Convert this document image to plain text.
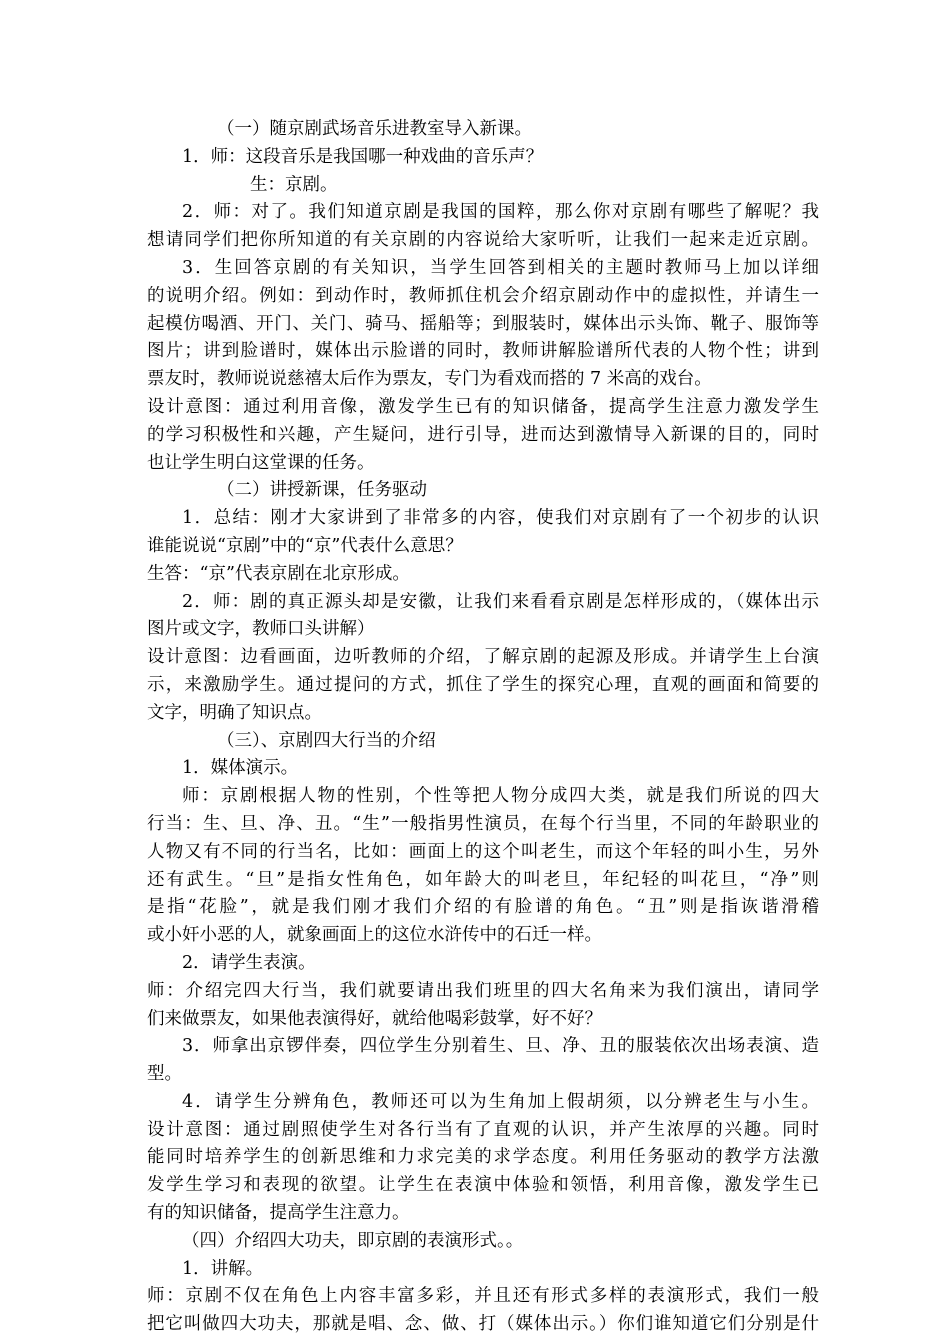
（一）随京剧武场音乐进教室导入新课。
1．师：这段音乐是我国哪一种戏曲的音乐声？
生：京剧。
2．师：对了。我们知道京剧是我国的国粹，那么你对京剧有哪些了解呢？我
想请同学们把你所知道的有关京剧的内容说给大家听听，让我们一起来走近京剧。
3．生回答京剧的有关知识，当学生回答到相关的主题时教师马上加以详细
的说明介绍。例如：到动作时，教师抓住机会介绍京剧动作中的虚拟性，并请生一
起模仿喝酒、开门、关门、骑马、摇船等；到服装时，媒体出示头饰、靴子、服饰等
图片；讲到脸谱时，媒体出示脸谱的同时，教师讲解脸谱所代表的人物个性；讲到
票友时，教师说说慈禧太后作为票友，专门为看戏而搭的 7 米高的戏台。
设计意图：通过利用音像，激发学生已有的知识储备，提高学生注意力激发学生
的学习积极性和兴趣，产生疑问，进行引导，进而达到激情导入新课的目的，同时
也让学生明白这堂课的任务。
（二）讲授新课，任务驱动
1．总结：刚才大家讲到了非常多的内容，使我们对京剧有了一个初步的认识
谁能说说“京剧”中的“京”代表什么意思？
生答：“京”代表京剧在北京形成。
2．师：剧的真正源头却是安徽，让我们来看看京剧是怎样形成的，（媒体出示
图片或文字，教师口头讲解）
设计意图：边看画面，边听教师的介绍，了解京剧的起源及形成。并请学生上台演
示，来激励学生。通过提问的方式，抓住了学生的探究心理，直观的画面和简要的
文字，明确了知识点。
（三）、京剧四大行当的介绍
1．媒体演示。
师：京剧根据人物的性别，个性等把人物分成四大类，就是我们所说的四大
行当：生、旦、净、丑。“生”一般指男性演员，在每个行当里，不同的年龄职业的
人物又有不同的行当名，比如：画面上的这个叫老生，而这个年轻的叫小生，另外
还有武生。“旦”是指女性角色，如年龄大的叫老旦，年纪轻的叫花旦，“净”则
是指“花脸”，就是我们刚才我们介绍的有脸谱的角色。“丑”则是指诙谐滑稽
或小奸小恶的人，就象画面上的这位水浒传中的石迁一样。
2．请学生表演。
师：介绍完四大行当，我们就要请出我们班里的四大名角来为我们演出，请同学
们来做票友，如果他表演得好，就给他喝彩鼓掌，好不好？
3．师拿出京锣伴奏，四位学生分别着生、旦、净、丑的服装依次出场表演、造
型。
4．请学生分辨角色，教师还可以为生角加上假胡须，以分辨老生与小生。
设计意图：通过剧照使学生对各行当有了直观的认识，并产生浓厚的兴趣。同时
能同时培养学生的创新思维和力求完美的求学态度。利用任务驱动的教学方法激
发学生学习和表现的欲望。让学生在表演中体验和领悟，利用音像，激发学生已
有的知识储备，提高学生注意力。
（四）介绍四大功夫，即京剧的表演形式。。
1．讲解。
师：京剧不仅在角色上内容丰富多彩，并且还有形式多样的表演形式，我们一般
把它叫做四大功夫，那就是唱、念、做、打（媒体出示。）你们谁知道它们分别是什
